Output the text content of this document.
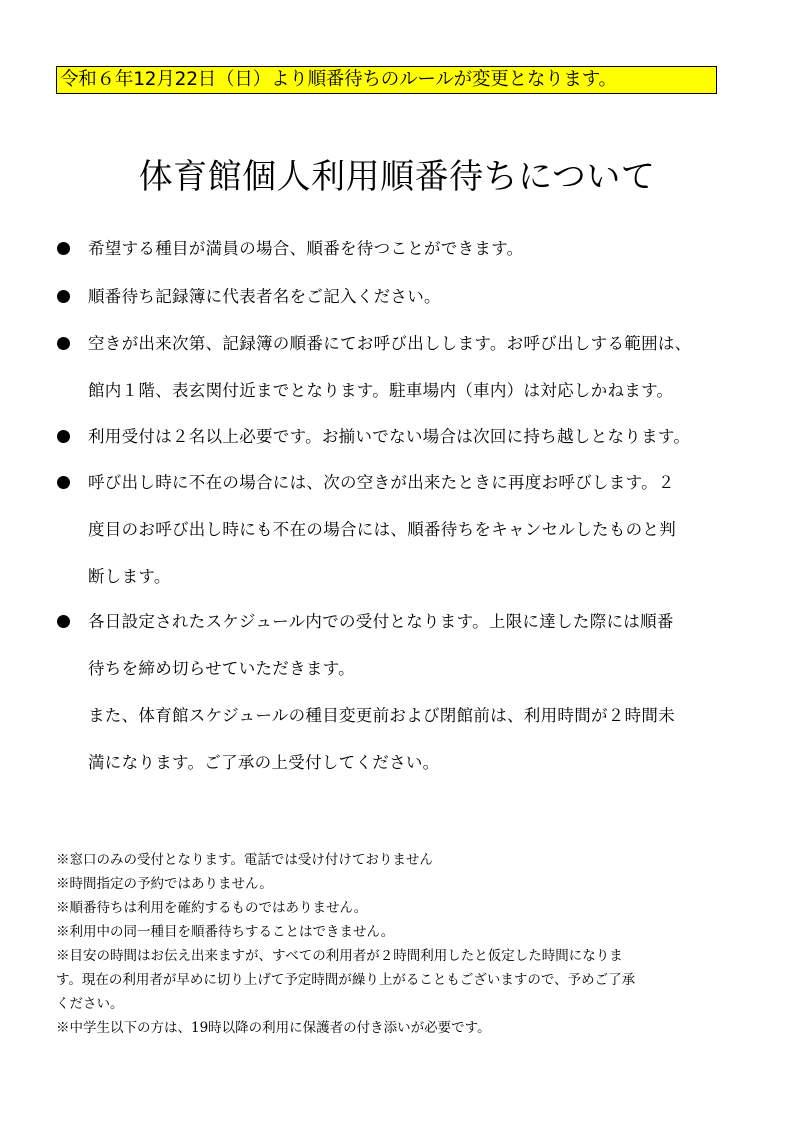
令和６年12月22日（日）より順番待ちのルールが変更となります。
体育館個人利用順番待ちについて
希望する種目が満員の場合、順番を待つことができます。
順番待ち記録簿に代表者名をご記入ください。
空きが出来次第、記録簿の順番にてお呼び出しします。お呼び出しする範囲は、
館内１階、表玄関付近までとなります。駐車場内（車内）は対応しかねます。
利用受付は２名以上必要です。お揃いでない場合は次回に持ち越しとなります。
呼び出し時に不在の場合には、次の空きが出来たときに再度お呼びします。２
度目のお呼び出し時にも不在の場合には、順番待ちをキャンセルしたものと判
断します。
各日設定されたスケジュール内での受付となります。上限に達した際には順番
待ちを締め切らせていただきます。
また、体育館スケジュールの種目変更前および閉館前は、利用時間が２時間未
満になります。ご了承の上受付してください。
※窓口のみの受付となります。電話では受け付けておりません
※時間指定の予約ではありません。
※順番待ちは利用を確約するものではありません。
※利用中の同一種目を順番待ちすることはできません。
※目安の時間はお伝え出来ますが、すべての利用者が２時間利用したと仮定した時間になりま
す。現在の利用者が早めに切り上げて予定時間が繰り上がることもございますので、予めご了承
ください。
※中学生以下の方は、19時以降の利用に保護者の付き添いが必要です。
